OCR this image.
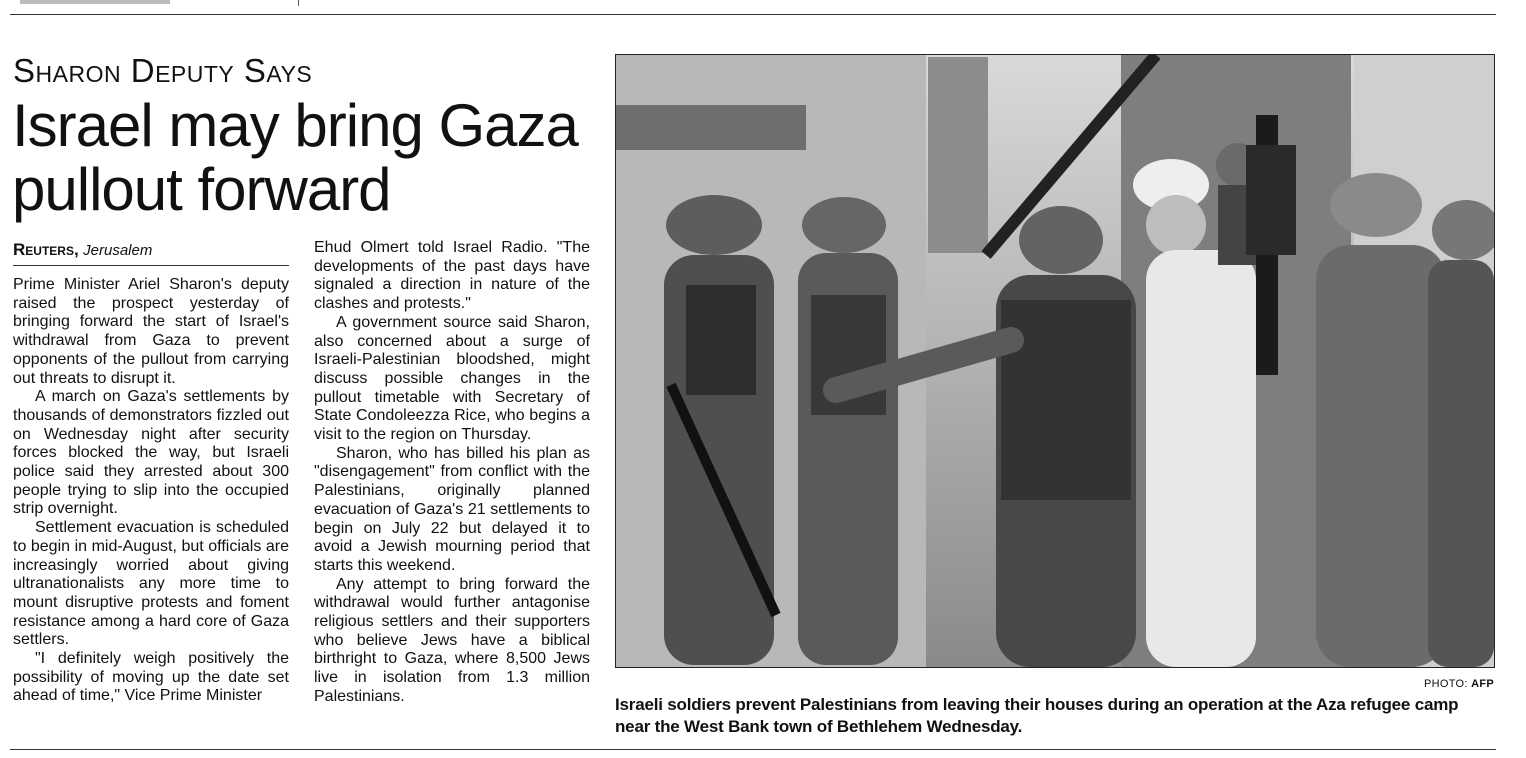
Sharon Deputy Says
Israel may bring Gaza pullout forward
Reuters, Jerusalem

Prime Minister Ariel Sharon's deputy raised the prospect yesterday of bringing forward the start of Israel's withdrawal from Gaza to prevent opponents of the pullout from carrying out threats to disrupt it.

A march on Gaza's settlements by thousands of demonstrators fizzled out on Wednesday night after security forces blocked the way, but Israeli police said they arrested about 300 people trying to slip into the occupied strip overnight.

Settlement evacuation is scheduled to begin in mid-August, but officials are increasingly worried about giving ultranationalists any more time to mount disruptive protests and foment resistance among a hard core of Gaza settlers.

"I definitely weigh positively the possibility of moving up the date set ahead of time," Vice Prime Minister

Ehud Olmert told Israel Radio. "The developments of the past days have signaled a direction in nature of the clashes and protests."

A government source said Sharon, also concerned about a surge of Israeli-Palestinian bloodshed, might discuss possible changes in the pullout timetable with Secretary of State Condoleezza Rice, who begins a visit to the region on Thursday.

Sharon, who has billed his plan as "disengagement" from conflict with the Palestinians, originally planned evacuation of Gaza's 21 settlements to begin on July 22 but delayed it to avoid a Jewish mourning period that starts this weekend.

Any attempt to bring forward the withdrawal would further antagonise religious settlers and their supporters who believe Jews have a biblical birthright to Gaza, where 8,500 Jews live in isolation from 1.3 million Palestinians.

PHOTO: AFP
Israeli soldiers prevent Palestinians from leaving their houses during an operation at the Aza refugee camp near the West Bank town of Bethlehem Wednesday.
